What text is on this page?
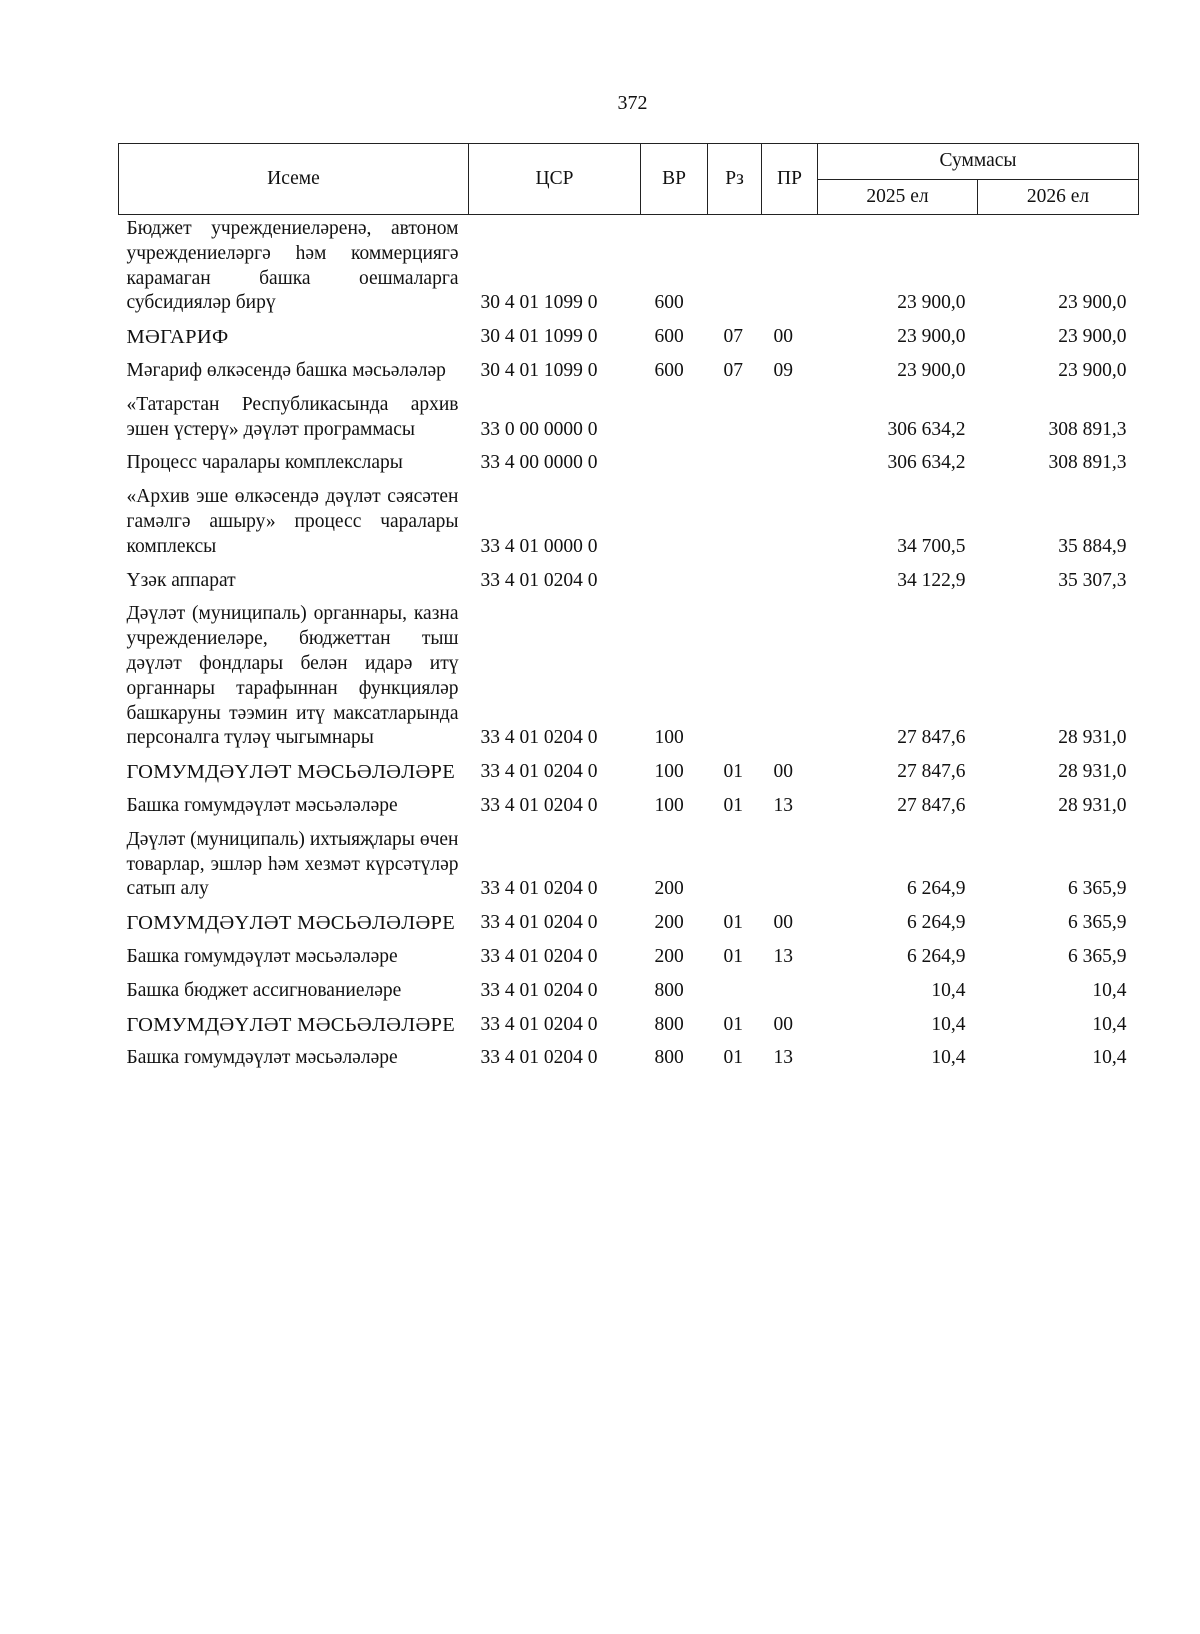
372
Исеме	ЦСР	ВР	Рз	ПР	Суммасы	
					2025 ел	2026 ел
Бюджет учреждениеләренә, автоном учреждениеләргә һәм коммерциягә карамаган башка оешмаларга субсидияләр бирү	30 4 01 1099 0	600			23 900,0	23 900,0
МӘГАРИФ	30 4 01 1099 0	600	07	00	23 900,0	23 900,0
Мәгариф өлкәсендә башка мәсьәләләр	30 4 01 1099 0	600	07	09	23 900,0	23 900,0
«Татарстан Республикасында архив эшен үстерү» дәүләт программасы	33 0 00 0000 0				306 634,2	308 891,3
Процесс чаралары комплекслары	33 4 00 0000 0				306 634,2	308 891,3
«Архив эше өлкәсендә дәүләт сәясәтен гамәлгә ашыру» процесс чаралары комплексы	33 4 01 0000 0				34 700,5	35 884,9
Үзәк аппарат	33 4 01 0204 0				34 122,9	35 307,3
Дәүләт (муниципаль) органнары, казна учреждениеләре, бюджеттан тыш дәүләт фондлары белән идарә итү органнары тарафыннан функцияләр башкаруны тәэмин итү максатларында персоналга түләү чыгымнары	33 4 01 0204 0	100			27 847,6	28 931,0
ГОМУМДӘҮЛӘТ МӘСЬӘЛӘЛӘРЕ	33 4 01 0204 0	100	01	00	27 847,6	28 931,0
Башка гомумдәүләт мәсьәләләре	33 4 01 0204 0	100	01	13	27 847,6	28 931,0
Дәүләт (муниципаль) ихтыяҗлары өчен товарлар, эшләр һәм хезмәт күрсәтүләр сатып алу	33 4 01 0204 0	200			6 264,9	6 365,9
ГОМУМДӘҮЛӘТ МӘСЬӘЛӘЛӘРЕ	33 4 01 0204 0	200	01	00	6 264,9	6 365,9
Башка гомумдәүләт мәсьәләләре	33 4 01 0204 0	200	01	13	6 264,9	6 365,9
Башка бюджет ассигнованиеләре	33 4 01 0204 0	800			10,4	10,4
ГОМУМДӘҮЛӘТ МӘСЬӘЛӘЛӘРЕ	33 4 01 0204 0	800	01	00	10,4	10,4
Башка гомумдәүләт мәсьәләләре	33 4 01 0204 0	800	01	13	10,4	10,4
